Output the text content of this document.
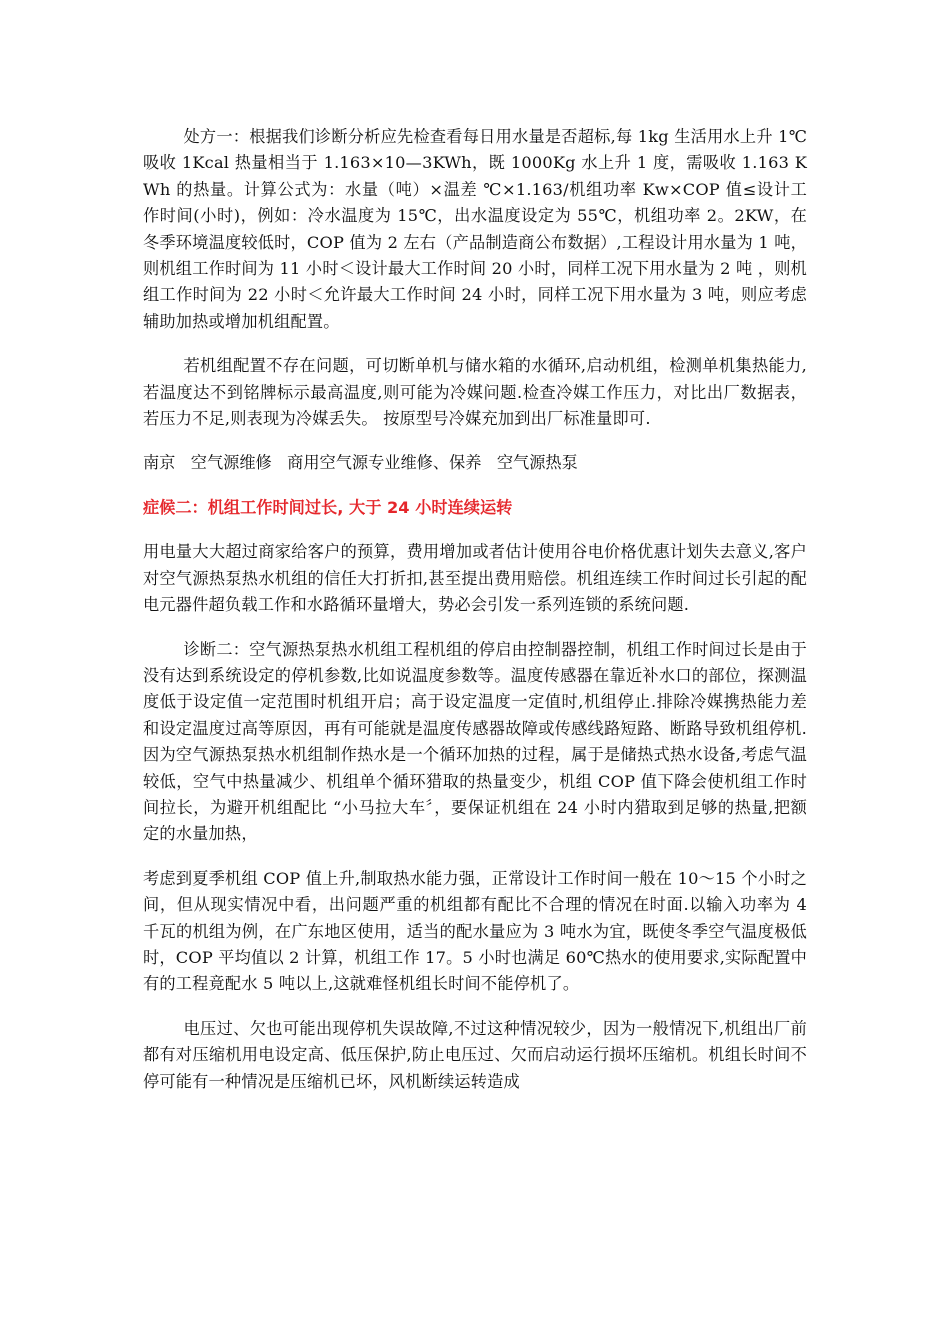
处方一：根据我们诊断分析应先检查看每日用水量是否超标,每 1kg 生活用水上升 1℃吸收 1Kcal 热量相当于 1.163×10—3KWh，既 1000Kg 水上升 1 度，需吸收 1.163 KWh 的热量。计算公式为：水量（吨）×温差 ℃×1.163/机组功率 Kw×COP 值≤设计工作时间(小时)，例如：冷水温度为 15℃，出水温度设定为 55℃，机组功率 2。2KW，在冬季环境温度较低时，COP 值为 2 左右（产品制造商公布数据）,工程设计用水量为 1 吨，则机组工作时间为 11 小时＜设计最大工作时间 20 小时，同样工况下用水量为 2 吨 ，则机组工作时间为 22 小时＜允许最大工作时间 24 小时，同样工况下用水量为 3 吨，则应考虑辅助加热或增加机组配置。

若机组配置不存在问题，可切断单机与储水箱的水循环,启动机组，检测单机集热能力,若温度达不到铭牌标示最高温度,则可能为冷媒问题.检查冷媒工作压力，对比出厂数据表，若压力不足,则表现为冷媒丢失。 按原型号冷媒充加到出厂标准量即可.

南京   空气源维修   商用空气源专业维修、保养   空气源热泵

症候二：机组工作时间过长, 大于 24 小时连续运转

用电量大大超过商家给客户的预算，费用增加或者估计使用谷电价格优惠计划失去意义,客户对空气源热泵热水机组的信任大打折扣,甚至提出费用赔偿。机组连续工作时间过长引起的配电元器件超负载工作和水路循环量增大，势必会引发一系列连锁的系统问题.

诊断二：空气源热泵热水机组工程机组的停启由控制器控制，机组工作时间过长是由于没有达到系统设定的停机参数,比如说温度参数等。温度传感器在靠近补水口的部位，探测温度低于设定值一定范围时机组开启；高于设定温度一定值时,机组停止.排除冷媒携热能力差和设定温度过高等原因，再有可能就是温度传感器故障或传感线路短路、断路导致机组停机.因为空气源热泵热水机组制作热水是一个循环加热的过程，属于是储热式热水设备,考虑气温较低，空气中热量减少、机组单个循环猎取的热量变少，机组 COP 值下降会使机组工作时间拉长，为避开机组配比 “小马拉大车〞，要保证机组在 24 小时内猎取到足够的热量,把额定的水量加热，

考虑到夏季机组 COP 值上升,制取热水能力强，正常设计工作时间一般在 10～15 个小时之间，但从现实情况中看，出问题严重的机组都有配比不合理的情况在时面.以输入功率为 4 千瓦的机组为例，在广东地区使用，适当的配水量应为 3 吨水为宜，既使冬季空气温度极低时，COP 平均值以 2 计算，机组工作 17。5 小时也满足 60℃热水的使用要求,实际配置中有的工程竟配水 5 吨以上,这就难怪机组长时间不能停机了。

电压过、欠也可能出现停机失误故障,不过这种情况较少，因为一般情况下,机组出厂前都有对压缩机用电设定高、低压保护,防止电压过、欠而启动运行损坏压缩机。机组长时间不停可能有一种情况是压缩机已坏，风机断续运转造成
